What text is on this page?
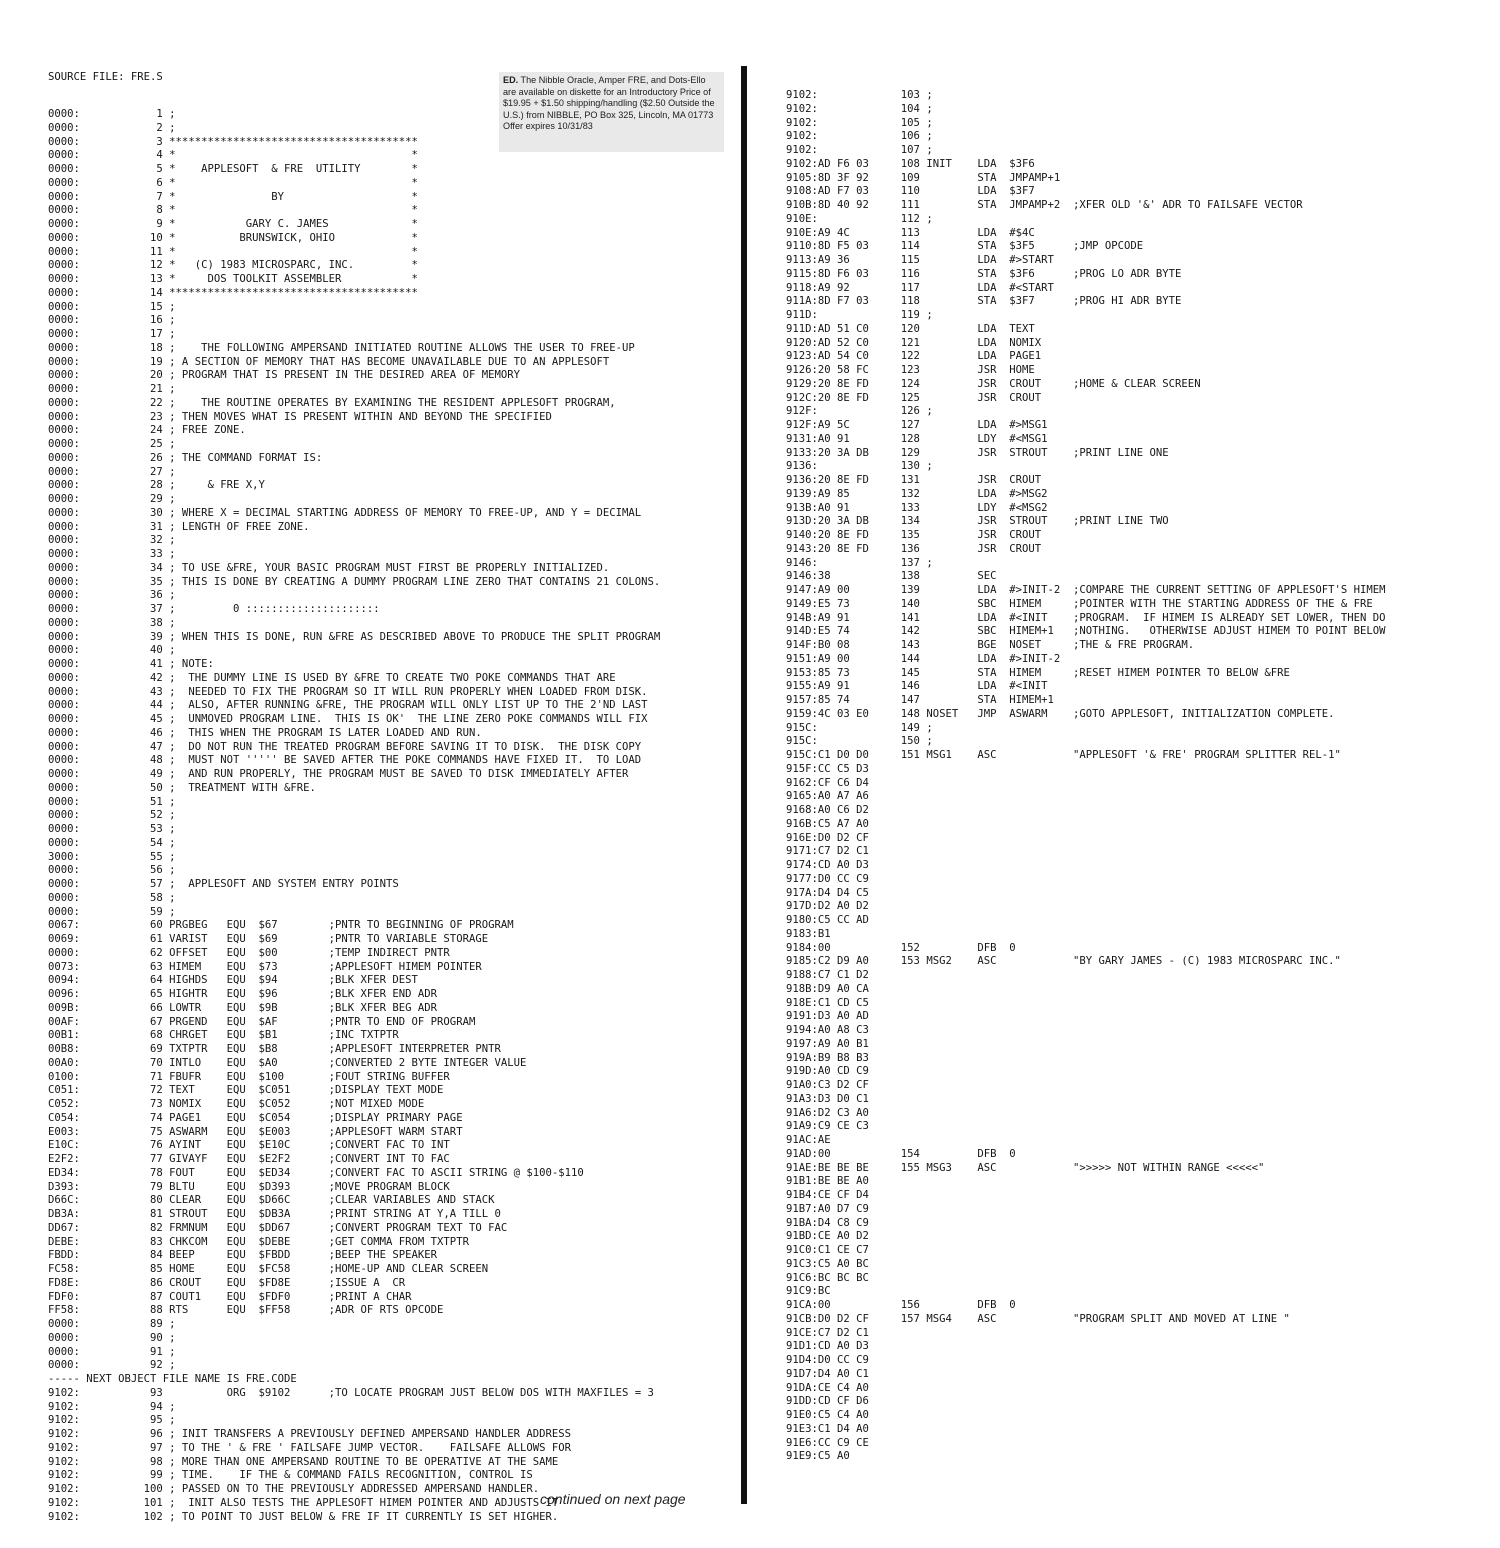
SOURCE FILE: FRE.S

0000:            1 ;
0000:            2 ;
0000:            3 ***************************************
0000:            4 *                                     *
0000:            5 *    APPLESOFT  & FRE  UTILITY        *
0000:            6 *                                     *
0000:            7 *               BY                    *
0000:            8 *                                     *
0000:            9 *           GARY C. JAMES             *
0000:           10 *          BRUNSWICK, OHIO            *
0000:           11 *                                     *
0000:           12 *   (C) 1983 MICROSPARC, INC.         *
0000:           13 *     DOS TOOLKIT ASSEMBLER           *
0000:           14 ***************************************
0000:           15 ;
0000:           16 ;
0000:           17 ;
0000:           18 ;    THE FOLLOWING AMPERSAND INITIATED ROUTINE ALLOWS THE USER TO FREE-UP
0000:           19 ; A SECTION OF MEMORY THAT HAS BECOME UNAVAILABLE DUE TO AN APPLESOFT
0000:           20 ; PROGRAM THAT IS PRESENT IN THE DESIRED AREA OF MEMORY
0000:           21 ;
0000:           22 ;    THE ROUTINE OPERATES BY EXAMINING THE RESIDENT APPLESOFT PROGRAM,
0000:           23 ; THEN MOVES WHAT IS PRESENT WITHIN AND BEYOND THE SPECIFIED
0000:           24 ; FREE ZONE.
0000:           25 ;
0000:           26 ; THE COMMAND FORMAT IS:
0000:           27 ;
0000:           28 ;     & FRE X,Y
0000:           29 ;
0000:           30 ; WHERE X = DECIMAL STARTING ADDRESS OF MEMORY TO FREE-UP, AND Y = DECIMAL
0000:           31 ; LENGTH OF FREE ZONE.
0000:           32 ;
0000:           33 ;
0000:           34 ; TO USE &FRE, YOUR BASIC PROGRAM MUST FIRST BE PROPERLY INITIALIZED.
0000:           35 ; THIS IS DONE BY CREATING A DUMMY PROGRAM LINE ZERO THAT CONTAINS 21 COLONS.
0000:           36 ;
0000:           37 ;         0 :::::::::::::::::::::
0000:           38 ;
0000:           39 ; WHEN THIS IS DONE, RUN &FRE AS DESCRIBED ABOVE TO PRODUCE THE SPLIT PROGRAM
0000:           40 ;
0000:           41 ; NOTE:
0000:           42 ;  THE DUMMY LINE IS USED BY &FRE TO CREATE TWO POKE COMMANDS THAT ARE
0000:           43 ;  NEEDED TO FIX THE PROGRAM SO IT WILL RUN PROPERLY WHEN LOADED FROM DISK.
0000:           44 ;  ALSO, AFTER RUNNING &FRE, THE PROGRAM WILL ONLY LIST UP TO THE 2'ND LAST
0000:           45 ;  UNMOVED PROGRAM LINE.  THIS IS OK'  THE LINE ZERO POKE COMMANDS WILL FIX
0000:           46 ;  THIS WHEN THE PROGRAM IS LATER LOADED AND RUN.
0000:           47 ;  DO NOT RUN THE TREATED PROGRAM BEFORE SAVING IT TO DISK.  THE DISK COPY
0000:           48 ;  MUST NOT ''''' BE SAVED AFTER THE POKE COMMANDS HAVE FIXED IT.  TO LOAD
0000:           49 ;  AND RUN PROPERLY, THE PROGRAM MUST BE SAVED TO DISK IMMEDIATELY AFTER
0000:           50 ;  TREATMENT WITH &FRE.
0000:           51 ;
0000:           52 ;
0000:           53 ;
0000:           54 ;
3000:           55 ;
0000:           56 ;
0000:           57 ;  APPLESOFT AND SYSTEM ENTRY POINTS
0000:           58 ;
0000:           59 ;
0067:           60 PRGBEG   EQU  $67        ;PNTR TO BEGINNING OF PROGRAM
0069:           61 VARIST   EQU  $69        ;PNTR TO VARIABLE STORAGE
0000:           62 OFFSET   EQU  $00        ;TEMP INDIRECT PNTR
0073:           63 HIMEM    EQU  $73        ;APPLESOFT HIMEM POINTER
0094:           64 HIGHDS   EQU  $94        ;BLK XFER DEST
0096:           65 HIGHTR   EQU  $96        ;BLK XFER END ADR
009B:           66 LOWTR    EQU  $9B        ;BLK XFER BEG ADR
00AF:           67 PRGEND   EQU  $AF        ;PNTR TO END OF PROGRAM
00B1:           68 CHRGET   EQU  $B1        ;INC TXTPTR
00B8:           69 TXTPTR   EQU  $B8        ;APPLESOFT INTERPRETER PNTR
00A0:           70 INTLO    EQU  $A0        ;CONVERTED 2 BYTE INTEGER VALUE
0100:           71 FBUFR    EQU  $100       ;FOUT STRING BUFFER
C051:           72 TEXT     EQU  $C051      ;DISPLAY TEXT MODE
C052:           73 NOMIX    EQU  $C052      ;NOT MIXED MODE
C054:           74 PAGE1    EQU  $C054      ;DISPLAY PRIMARY PAGE
E003:           75 ASWARM   EQU  $E003      ;APPLESOFT WARM START
E10C:           76 AYINT    EQU  $E10C      ;CONVERT FAC TO INT
E2F2:           77 GIVAYF   EQU  $E2F2      ;CONVERT INT TO FAC
ED34:           78 FOUT     EQU  $ED34      ;CONVERT FAC TO ASCII STRING @ $100-$110
D393:           79 BLTU     EQU  $D393      ;MOVE PROGRAM BLOCK
D66C:           80 CLEAR    EQU  $D66C      ;CLEAR VARIABLES AND STACK
DB3A:           81 STROUT   EQU  $DB3A      ;PRINT STRING AT Y,A TILL 0
DD67:           82 FRMNUM   EQU  $DD67      ;CONVERT PROGRAM TEXT TO FAC
DEBE:           83 CHKCOM   EQU  $DEBE      ;GET COMMA FROM TXTPTR
FBDD:           84 BEEP     EQU  $FBDD      ;BEEP THE SPEAKER
FC58:           85 HOME     EQU  $FC58      ;HOME-UP AND CLEAR SCREEN
FD8E:           86 CROUT    EQU  $FD8E      ;ISSUE A  CR
FDF0:           87 COUT1    EQU  $FDF0      ;PRINT A CHAR
FF58:           88 RTS      EQU  $FF58      ;ADR OF RTS OPCODE
0000:           89 ;
0000:           90 ;
0000:           91 ;
0000:           92 ;
----- NEXT OBJECT FILE NAME IS FRE.CODE
9102:           93          ORG  $9102      ;TO LOCATE PROGRAM JUST BELOW DOS WITH MAXFILES = 3
9102:           94 ;
9102:           95 ;
9102:           96 ; INIT TRANSFERS A PREVIOUSLY DEFINED AMPERSAND HANDLER ADDRESS
9102:           97 ; TO THE ' & FRE ' FAILSAFE JUMP VECTOR.    FAILSAFE ALLOWS FOR
9102:           98 ; MORE THAN ONE AMPERSAND ROUTINE TO BE OPERATIVE AT THE SAME
9102:           99 ; TIME.    IF THE & COMMAND FAILS RECOGNITION, CONTROL IS
9102:          100 ; PASSED ON TO THE PREVIOUSLY ADDRESSED AMPERSAND HANDLER.
9102:          101 ;  INIT ALSO TESTS THE APPLESOFT HIMEM POINTER AND ADJUSTS IT
9102:          102 ; TO POINT TO JUST BELOW & FRE IF IT CURRENTLY IS SET HIGHER.

ED. The Nibble Oracle, Amper FRE, and Dots-Ello are available on diskette for an Introductory Price of $19.95 + $1.50 shipping/handling ($2.50 Outside the U.S.) from NIBBLE, PO Box 325, Lincoln, MA 01773 Offer expires 10/31/83

9102:             103 ;
9102:             104 ;
9102:             105 ;
9102:             106 ;
9102:             107 ;
9102:AD F6 03     108 INIT    LDA  $3F6
9105:8D 3F 92     109         STA  JMPAMP+1
9108:AD F7 03     110         LDA  $3F7
910B:8D 40 92     111         STA  JMPAMP+2  ;XFER OLD '&' ADR TO FAILSAFE VECTOR
910E:             112 ;
910E:A9 4C        113         LDA  #$4C
9110:8D F5 03     114         STA  $3F5      ;JMP OPCODE
9113:A9 36        115         LDA  #>START
9115:8D F6 03     116         STA  $3F6      ;PROG LO ADR BYTE
9118:A9 92        117         LDA  #<START
911A:8D F7 03     118         STA  $3F7      ;PROG HI ADR BYTE
911D:             119 ;
911D:AD 51 C0     120         LDA  TEXT
9120:AD 52 C0     121         LDA  NOMIX
9123:AD 54 C0     122         LDA  PAGE1
9126:20 58 FC     123         JSR  HOME
9129:20 8E FD     124         JSR  CROUT     ;HOME & CLEAR SCREEN
912C:20 8E FD     125         JSR  CROUT
912F:             126 ;
912F:A9 5C        127         LDA  #>MSG1
9131:A0 91        128         LDY  #<MSG1
9133:20 3A DB     129         JSR  STROUT    ;PRINT LINE ONE
9136:             130 ;
9136:20 8E FD     131         JSR  CROUT
9139:A9 85        132         LDA  #>MSG2
913B:A0 91        133         LDY  #<MSG2
913D:20 3A DB     134         JSR  STROUT    ;PRINT LINE TWO
9140:20 8E FD     135         JSR  CROUT
9143:20 8E FD     136         JSR  CROUT
9146:             137 ;
9146:38           138         SEC
9147:A9 00        139         LDA  #>INIT-2  ;COMPARE THE CURRENT SETTING OF APPLESOFT'S HIMEM
9149:E5 73        140         SBC  HIMEM     ;POINTER WITH THE STARTING ADDRESS OF THE & FRE
914B:A9 91        141         LDA  #<INIT    ;PROGRAM.  IF HIMEM IS ALREADY SET LOWER, THEN DO
914D:E5 74        142         SBC  HIMEM+1   ;NOTHING.   OTHERWISE ADJUST HIMEM TO POINT BELOW
914F:B0 08        143         BGE  NOSET     ;THE & FRE PROGRAM.
9151:A9 00        144         LDA  #>INIT-2
9153:85 73        145         STA  HIMEM     ;RESET HIMEM POINTER TO BELOW &FRE
9155:A9 91        146         LDA  #<INIT
9157:85 74        147         STA  HIMEM+1
9159:4C 03 E0     148 NOSET   JMP  ASWARM    ;GOTO APPLESOFT, INITIALIZATION COMPLETE.
915C:             149 ;
915C:             150 ;
915C:C1 D0 D0     151 MSG1    ASC            "APPLESOFT '& FRE' PROGRAM SPLITTER REL-1"
915F:CC C5 D3
9162:CF C6 D4
9165:A0 A7 A6
9168:A0 C6 D2
916B:C5 A7 A0
916E:D0 D2 CF
9171:C7 D2 C1
9174:CD A0 D3
9177:D0 CC C9
917A:D4 D4 C5
917D:D2 A0 D2
9180:C5 CC AD
9183:B1
9184:00           152         DFB  0
9185:C2 D9 A0     153 MSG2    ASC            "BY GARY JAMES - (C) 1983 MICROSPARC INC."
9188:C7 C1 D2
918B:D9 A0 CA
918E:C1 CD C5
9191:D3 A0 AD
9194:A0 A8 C3
9197:A9 A0 B1
919A:B9 B8 B3
919D:A0 CD C9
91A0:C3 D2 CF
91A3:D3 D0 C1
91A6:D2 C3 A0
91A9:C9 CE C3
91AC:AE
91AD:00           154         DFB  0
91AE:BE BE BE     155 MSG3    ASC            ">>>>> NOT WITHIN RANGE <<<<<"
91B1:BE BE A0
91B4:CE CF D4
91B7:A0 D7 C9
91BA:D4 C8 C9
91BD:CE A0 D2
91C0:C1 CE C7
91C3:C5 A0 BC
91C6:BC BC BC
91C9:BC
91CA:00           156         DFB  0
91CB:D0 D2 CF     157 MSG4    ASC            "PROGRAM SPLIT AND MOVED AT LINE "
91CE:C7 D2 C1
91D1:CD A0 D3
91D4:D0 CC C9
91D7:D4 A0 C1
91DA:CE C4 A0
91DD:CD CF D6
91E0:C5 C4 A0
91E3:C1 D4 A0
91E6:CC C9 CE
91E9:C5 A0

continued on next page
